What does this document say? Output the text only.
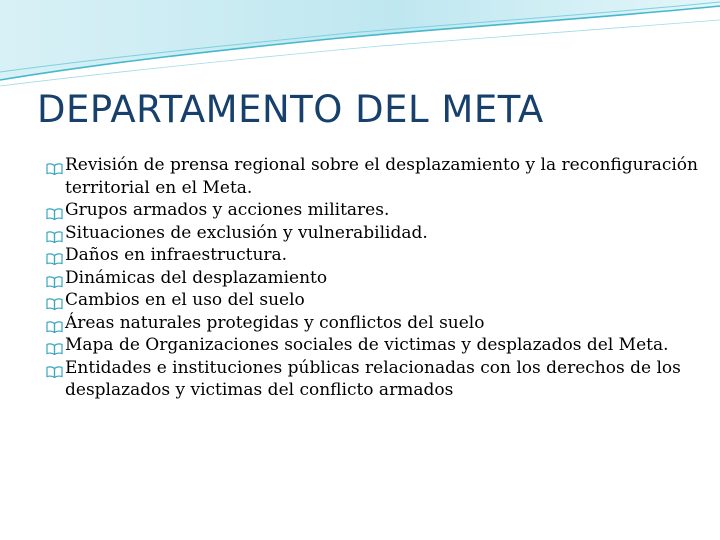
DEPARTAMENTO DEL META
Revisión de prensa regional sobre el desplazamiento y la reconfiguración territorial en el Meta.
Grupos armados y acciones militares.
Situaciones de exclusión y vulnerabilidad.
Daños en infraestructura.
Dinámicas del desplazamiento
Cambios en el uso del suelo
Áreas naturales protegidas y conflictos del suelo
Mapa de Organizaciones sociales de victimas y desplazados del Meta.
Entidades e instituciones públicas relacionadas con los derechos de los desplazados y victimas del conflicto armados
